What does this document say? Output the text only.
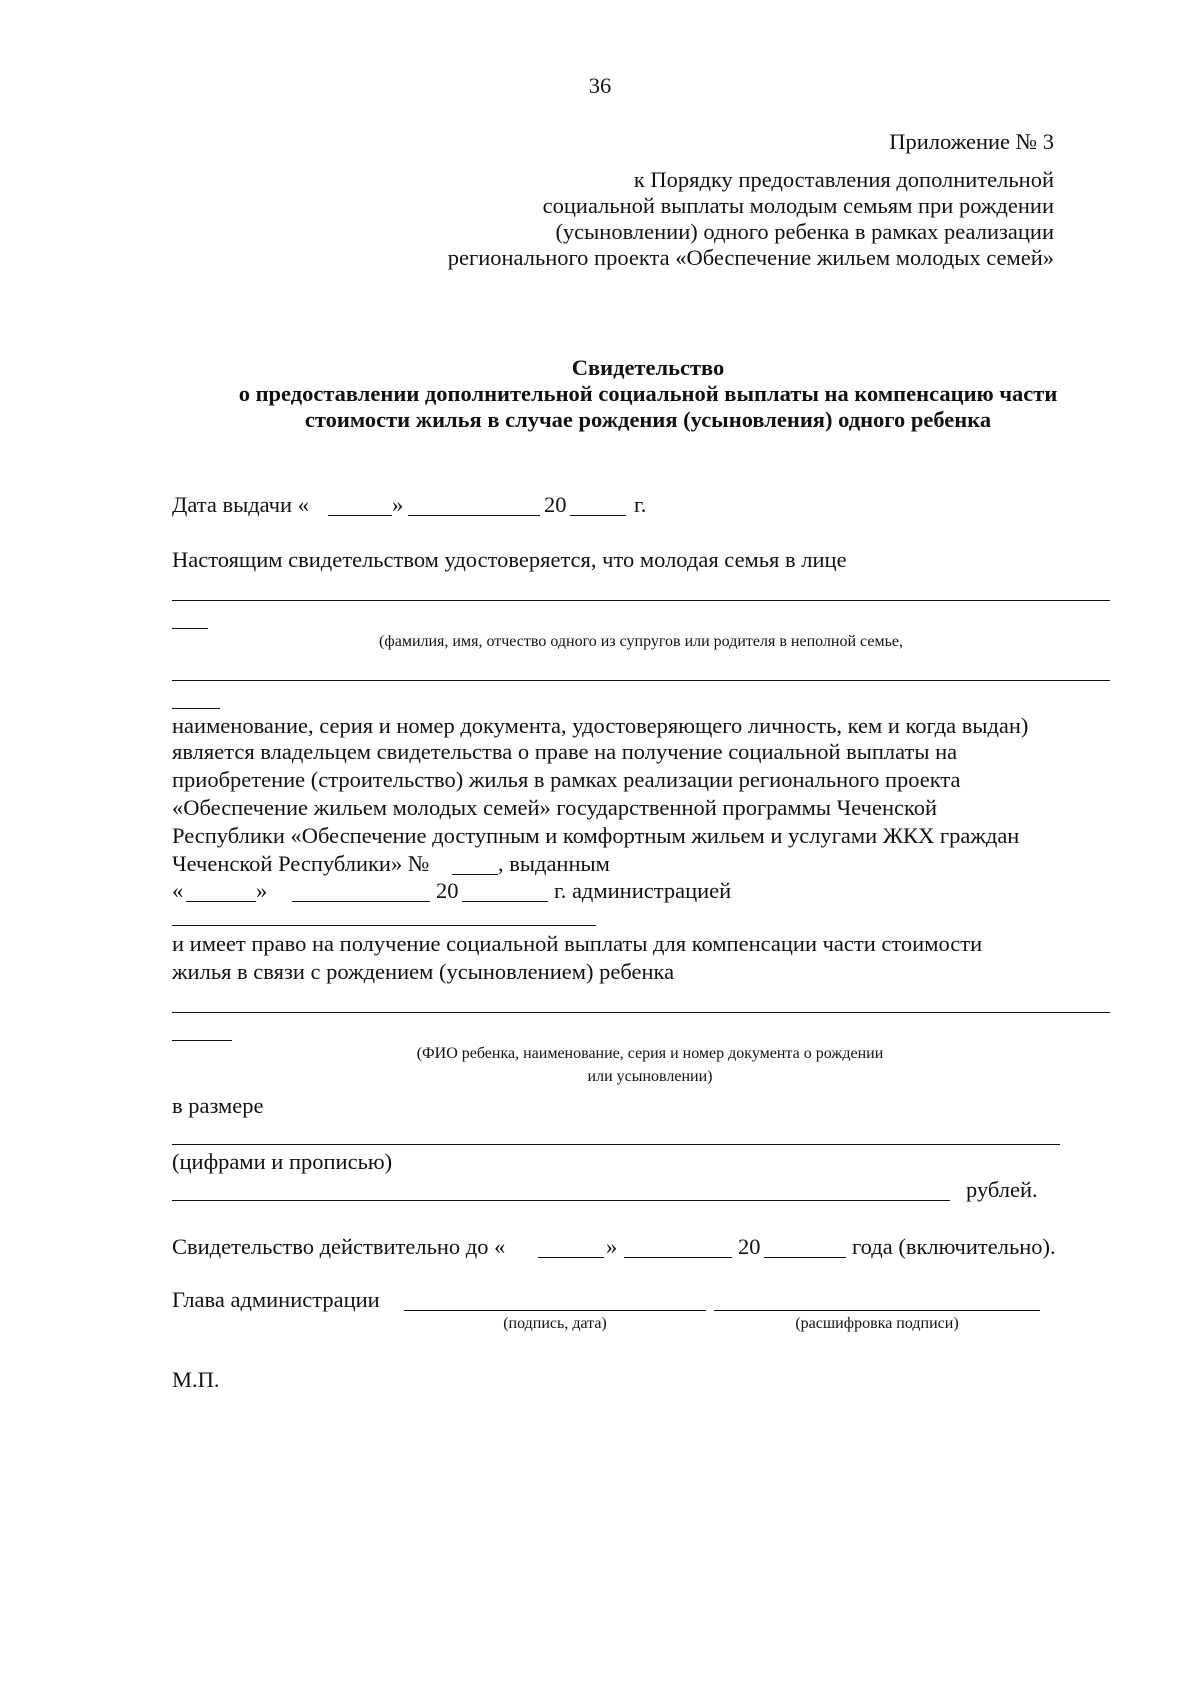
36
Приложение № 3
к Порядку предоставления дополнительной
социальной выплаты молодым семьям при рождении
(усыновлении) одного ребенка в рамках реализации
регионального проекта «Обеспечение жильем молодых семей»
Свидетельство
о предоставлении дополнительной социальной выплаты на компенсацию части
стоимости жилья в случае рождения (усыновления) одного ребенка
Дата выдачи «	»	20	г.
Настоящим свидетельством удостоверяется, что молодая семья в лице
(фамилия, имя, отчество одного из супругов или родителя в неполной семье,
наименование, серия и номер документа, удостоверяющего личность, кем и когда выдан)
является владельцем свидетельства о праве на получение социальной выплаты на
приобретение (строительство) жилья в рамках реализации регионального проекта
«Обеспечение жильем молодых семей» государственной программы Чеченской
Республики «Обеспечение доступным и комфортным жильем и услугами ЖКХ граждан
Чеченской Республики» №	, выданным
«	»	20	г. администрацией
и имеет право на получение социальной выплаты для компенсации части стоимости
жилья в связи с рождением (усыновлением) ребенка
(ФИО ребенка, наименование, серия и номер документа о рождении
или усыновлении)
в размере
(цифрами и прописью)
рублей.
Свидетельство действительно до «	»	20	года (включительно).
Глава администрации
(подпись, дата)	(расшифровка подписи)
М.П.
